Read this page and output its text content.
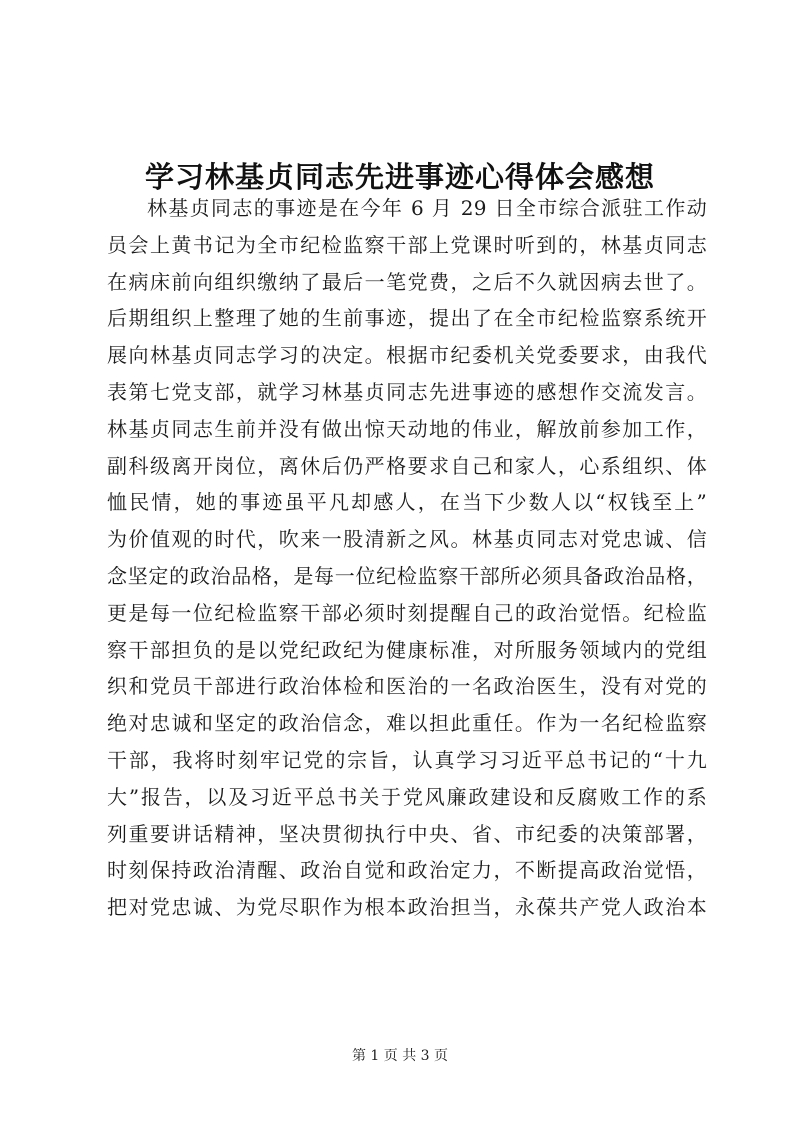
学习林基贞同志先进事迹心得体会感想
林基贞同志的事迹是在今年 6 月 29 日全市综合派驻工作动
员会上黄书记为全市纪检监察干部上党课时听到的，林基贞同志
在病床前向组织缴纳了最后一笔党费，之后不久就因病去世了。
后期组织上整理了她的生前事迹，提出了在全市纪检监察系统开
展向林基贞同志学习的决定。根据市纪委机关党委要求，由我代
表第七党支部，就学习林基贞同志先进事迹的感想作交流发言。
林基贞同志生前并没有做出惊天动地的伟业，解放前参加工作，
副科级离开岗位，离休后仍严格要求自己和家人，心系组织、体
恤民情，她的事迹虽平凡却感人，在当下少数人以“权钱至上”
为价值观的时代，吹来一股清新之风。林基贞同志对党忠诚、信
念坚定的政治品格，是每一位纪检监察干部所必须具备政治品格，
更是每一位纪检监察干部必须时刻提醒自己的政治觉悟。纪检监
察干部担负的是以党纪政纪为健康标准，对所服务领域内的党组
织和党员干部进行政治体检和医治的一名政治医生，没有对党的
绝对忠诚和坚定的政治信念，难以担此重任。作为一名纪检监察
干部，我将时刻牢记党的宗旨，认真学习习近平总书记的“十九
大”报告，以及习近平总书关于党风廉政建设和反腐败工作的系
列重要讲话精神，坚决贯彻执行中央、省、市纪委的决策部署，
时刻保持政治清醒、政治自觉和政治定力，不断提高政治觉悟，
把对党忠诚、为党尽职作为根本政治担当，永葆共产党人政治本
第 1 页 共 3 页
